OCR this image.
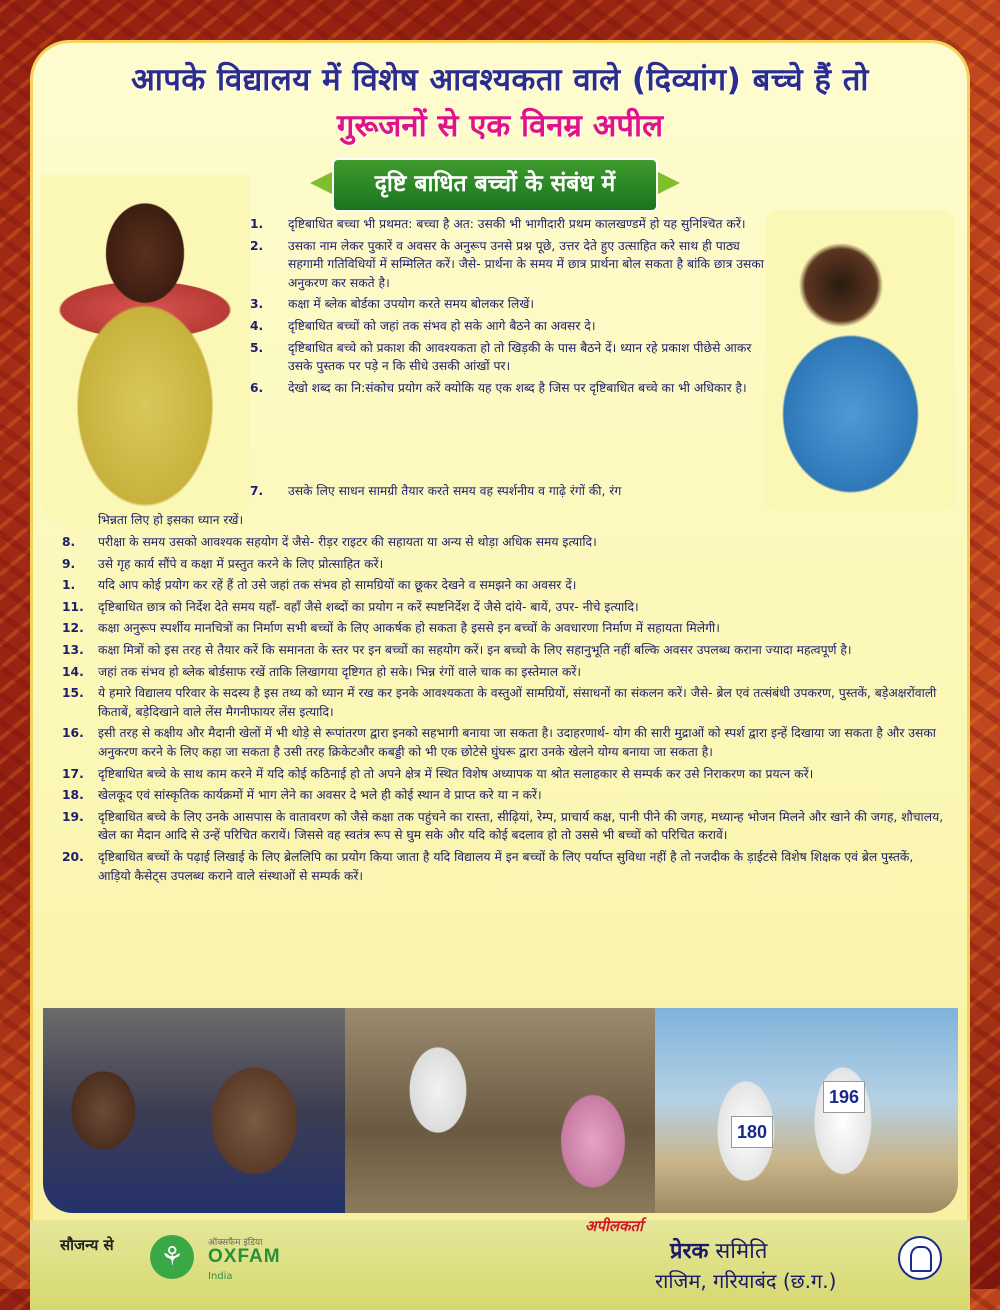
आपके विद्यालय में विशेष आवश्यकता वाले (दिव्यांग) बच्चे हैं तो
गुरूजनों से एक विनम्र अपील
दृष्टि बाधित बच्चों के संबंध में
1. दृष्टिबाधित बच्चा भी प्रथमत: बच्चा है अत: उसकी भी भागीदारी प्रथम कालखण्डमें हो यह सुनिश्चित करें।
2. उसका नाम लेकर पुकारें व अवसर के अनुरूप उनसे प्रश्न पूछे, उत्तर देते हुए उत्साहित करे साथ ही पाठ्य सहगामी गतिविधियों में सम्मिलित करें। जैसे- प्रार्थना के समय में छात्र प्रार्थना बोल सकता है बांकि छात्र उसका अनुकरण कर सकते है।
3. कक्षा में ब्लेक बोर्डका उपयोग करते समय बोलकर लिखें।
4. दृष्टिबाधित बच्चों को जहां तक संभव हो सके आगे बैठने का अवसर दे।
5. दृष्टिबाधित बच्चे को प्रकाश की आवश्यकता हो तो खिड़की के पास बैठने दें। ध्यान रहे प्रकाश पीछेसे आकर उसके पुस्तक पर पड़े न कि सीधे उसकी आंखों पर।
6. देखो शब्द का नि:संकोच प्रयोग करें क्योकि यह एक शब्द है जिस पर दृष्टिबाधित बच्चे का भी अधिकार है।
7. उसके लिए साधन सामग्री तैयार करते समय वह स्पर्शनीय व गाढ़े रंगों की, रंग
भिन्नता लिए हो इसका ध्यान रखें।
8. परीक्षा के समय उसको आवश्यक सहयोग दें जैसे- रीड़र राइटर की सहायता या अन्य से थोड़ा अधिक समय इत्यादि।
9. उसे गृह कार्य सौंपे व कक्षा में प्रस्तुत करने के लिए प्रोत्साहित करें।
1. यदि आप कोई प्रयोग कर रहें हैं तो उसे जहां तक संभव हो सामग्रियों का छूकर देखने व समझने का अवसर दें।
11. दृष्टिबाधित छात्र को निर्देश देते समय यहॉं- वहॉं जैसे शब्दों का प्रयोग न करें स्पष्टनिर्देश दें जैसे दांये- बायें, उपर- नीचे इत्यादि।
12. कक्षा अनुरूप स्पर्शीय मानचित्रों का निर्माण सभी बच्चों के लिए आकर्षक हो सकता है इससे इन बच्चों के अवधारणा निर्माण में सहायता मिलेगी।
13. कक्षा मित्रों को इस तरह से तैयार करें कि समानता के स्तर पर इन बच्चों का सहयोग करें। इन बच्चो के लिए सहानुभूति नहीं बल्कि अवसर उपलब्ध कराना ज्यादा महत्वपूर्ण है।
14. जहां तक संभव हो ब्लेक बोर्डसाफ रखें ताकि लिखागया दृष्टिगत हो सके। भिन्न रंगों वाले चाक का इस्तेमाल करें।
15. ये हमारे विद्यालय परिवार के सदस्य है इस तथ्य को ध्यान में रख कर इनके आवश्यकता के वस्तुओं सामग्रियों, संसाधनों का संकलन करें। जैसे- ब्रेल एवं तत्संबंधी उपकरण, पुस्तकें, बड़ेअक्षरोंवाली किताबें, बड़ेदिखाने वाले लेंस मैगनीफायर लेंस इत्यादि।
16. इसी तरह से कक्षीय और मैदानी खेलों में भी थोड़े से रूपांतरण द्वारा इनको सहभागी बनाया जा सकता है। उदाहरणार्थ- योग की सारी मुद्राओं को स्पर्श द्वारा इन्हें दिखाया जा सकता है और उसका अनुकरण करने के लिए कहा जा सकता है उसी तरह क्रिकेटऔर कबड्डी को भी एक छोटेसे घुंघरू द्वारा उनके खेलने योग्य बनाया जा सकता है।
17. दृष्टिबाधित बच्चे के साथ काम करने में यदि कोई कठिनाई हो तो अपने क्षेत्र में स्थित विशेष अध्यापक या श्रोत सलाहकार से सम्पर्क कर उसे निराकरण का प्रयत्न करें।
18. खेलकूद एवं सांस्कृतिक कार्यक्रमों में भाग लेने का अवसर दे भले ही कोई स्थान वे प्राप्त करे या न करें।
19. दृष्टिबाधित बच्चे के लिए उनके आसपास के वातावरण को जैसे कक्षा तक पहुंचने का रास्ता, सीढ़ियां, रेम्प, प्राचार्य कक्ष, पानी पीने की जगह, मध्यान्ह भोजन मिलने और खाने की जगह, शौचालय, खेल का मैदान आदि से उन्हें परिचित करायें। जिससे वह स्वतंत्र रूप से घुम सके और यदि कोई बदलाव हो तो उससे भी बच्चों को परिचित करावें।
20. दृष्टिबाधित बच्चों के पढ़ाई लिखाई के लिए ब्रेललिपि का प्रयोग किया जाता है यदि विद्यालय में इन बच्चों के लिए पर्याप्त सुविधा नहीं है तो नजदीक के ड़ाईटसे विशेष शिक्षक एवं ब्रेल पुस्तकें, आड़ियो कैसेट्स उपलब्ध कराने वाले संस्थाओं से सम्पर्क करें।
180
196
सौजन्य से	⚘	ऑक्सफैम इंडिया
OXFAM
India
अपीलकर्ता
प्रेरक समिति
राजिम, गरियाबंद (छ.ग.)
